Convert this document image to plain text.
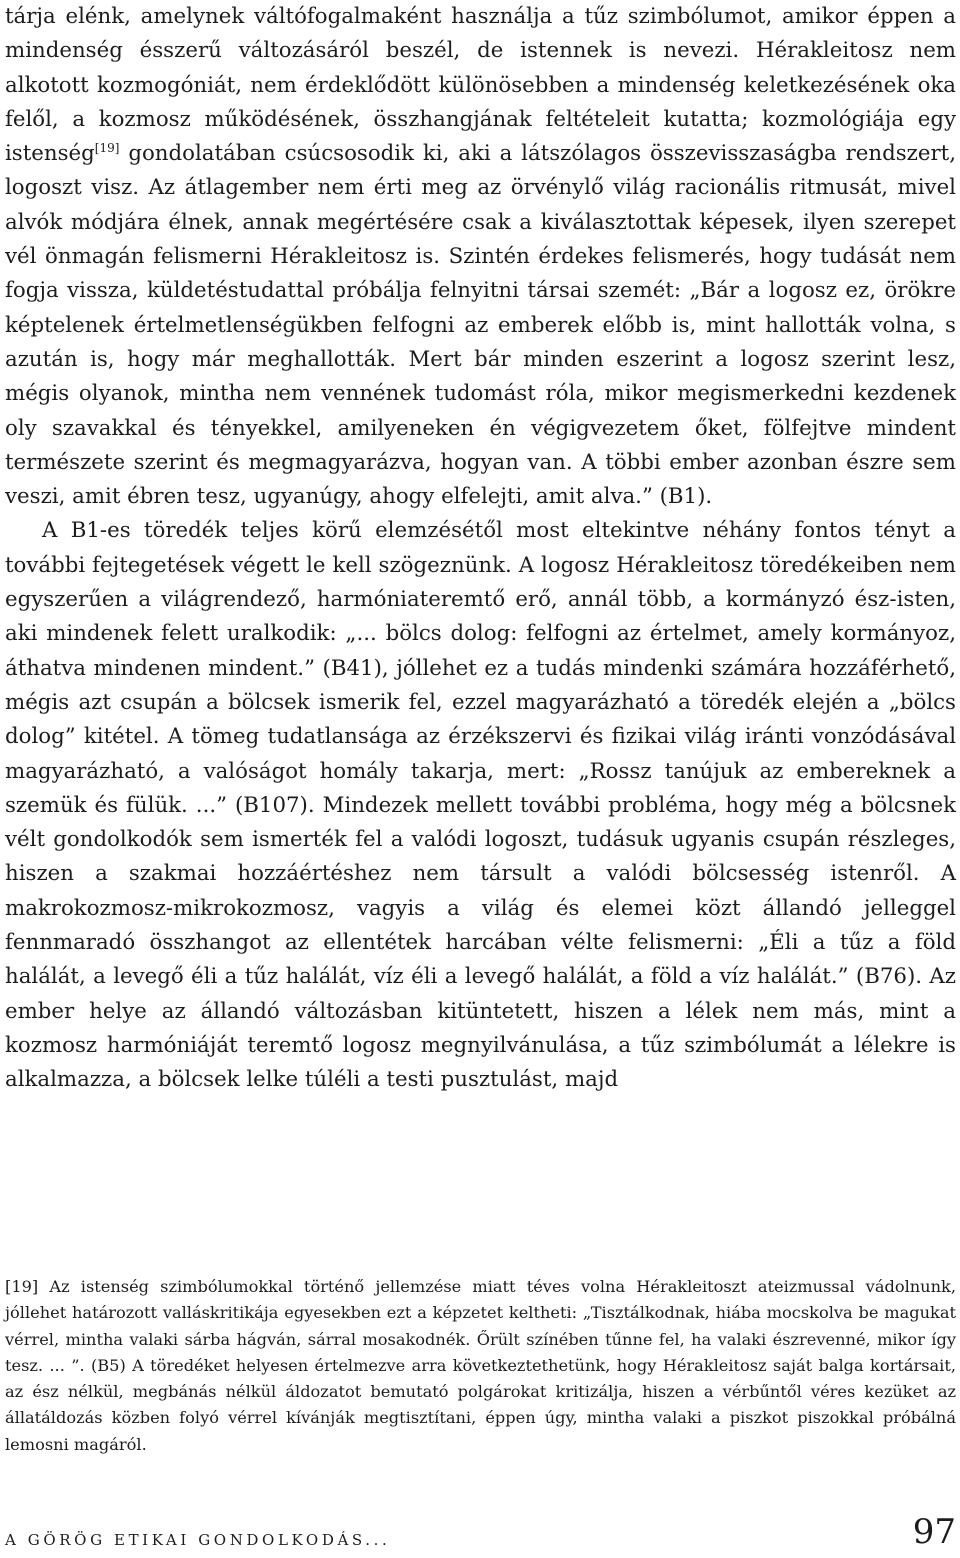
tárja elénk, amelynek váltófogalmaként használja a tűz szimbólumot, amikor éppen a mindenség ésszerű változásáról beszél, de istennek is nevezi. Hérakleitosz nem alkotott kozmogóniát, nem érdeklődött különösebben a mindenség keletkezésének oka felől, a kozmosz működésének, összhangjának feltételeit kutatta; kozmológiája egy istenség[19] gondolatában csúcsosodik ki, aki a látszólagos összevisszaságba rendszert, logoszt visz. Az átlagember nem érti meg az örvénylő világ racionális ritmusát, mivel alvók módjára élnek, annak megértésére csak a kiválasztottak képesek, ilyen szerepet vél önmagán felismerni Hérakleitosz is. Szintén érdekes felismerés, hogy tudását nem fogja vissza, küldetéstudattal próbálja felnyitni társai szemét: „Bár a logosz ez, örökre képtelenek értelmetlenségükben felfogni az emberek előbb is, mint hallották volna, s azután is, hogy már meghallották. Mert bár minden eszerint a logosz szerint lesz, mégis olyanok, mintha nem vennének tudomást róla, mikor megismerkedni kezdenek oly szavakkal és tényekkel, amilyeneken én végigvezetem őket, fölfejtve mindent természete szerint és megmagyarázva, hogyan van. A többi ember azonban észre sem veszi, amit ébren tesz, ugyanúgy, ahogy elfelejti, amit alva.” (B1).

A B1-es töredék teljes körű elemzésétől most eltekintve néhány fontos tényt a további fejtegetések végett le kell szögeznünk. A logosz Hérakleitosz töredékeiben nem egyszerűen a világrendező, harmóniateremtő erő, annál több, a kormányzó ész-isten, aki mindenek felett uralkodik: „... bölcs dolog: felfogni az értelmet, amely kormányoz, áthatva mindenen mindent.” (B41), jóllehet ez a tudás mindenki számára hozzáférhető, mégis azt csupán a bölcsek ismerik fel, ezzel magyarázható a töredék elején a „bölcs dolog” kitétel. A tömeg tudatlansága az érzékszervi és fizikai világ iránti vonzódásával magyarázható, a valóságot homály takarja, mert: „Rossz tanújuk az embereknek a szemük és fülük. ...” (B107). Mindezek mellett további probléma, hogy még a bölcsnek vélt gondolkodók sem ismerték fel a valódi logoszt, tudásuk ugyanis csupán részleges, hiszen a szakmai hozzáértéshez nem társult a valódi bölcsesség istenről. A makrokozmosz-mikrokozmosz, vagyis a világ és elemei közt állandó jelleggel fennmaradó összhangot az ellentétek harcában vélte felismerni: „Éli a tűz a föld halálát, a levegő éli a tűz halálát, víz éli a levegő halálát, a föld a víz halálát.” (B76). Az ember helye az állandó változásban kitüntetett, hiszen a lélek nem más, mint a kozmosz harmóniáját teremtő logosz megnyilvánulása, a tűz szimbólumát a lélekre is alkalmazza, a bölcsek lelke túléli a testi pusztulást, majd

[19] Az istenség szimbólumokkal történő jellemzése miatt téves volna Hérakleitoszt ateizmussal vádolnunk, jóllehet határozott valláskritikája egyesekben ezt a képzetet keltheti: „Tisztálkodnak, hiába mocskolva be magukat vérrel, mintha valaki sárba hágván, sárral mosakodnék. Őrült színében tűnne fel, ha valaki észrevenné, mikor így tesz. ... ”. (B5) A töredéket helyesen értelmezve arra következtethetünk, hogy Hérakleitosz saját balga kortársait, az ész nélkül, megbánás nélkül áldozatot bemutató polgárokat kritizálja, hiszen a vérbűntől véres kezüket az állatáldozás közben folyó vérrel kívánják megtisztítani, éppen úgy, mintha valaki a piszkot piszokkal próbálná lemosni magáról.

A GÖRÖG ETIKAI GONDOLKODÁS...	97
